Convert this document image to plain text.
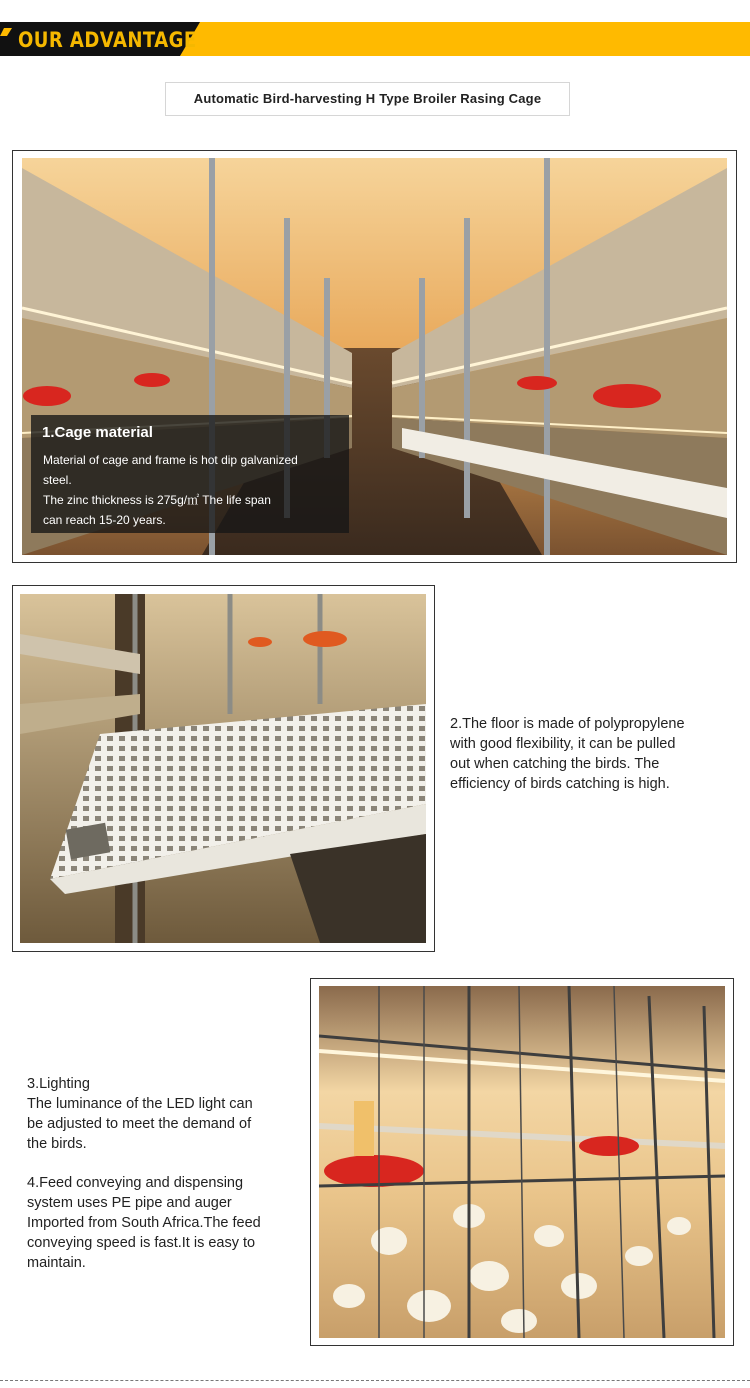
OUR ADVANTAGE
Automatic Bird-harvesting H Type Broiler Rasing Cage
1.Cage material
Material of cage and frame is hot dip galvanized
steel.
The zinc thickness is 275g/㎡ The life span
can reach 15-20 years.
2.The floor is made of polypropylene
with good flexibility, it can be pulled
out when catching the birds. The
efficiency of birds catching is high.
3.Lighting
The luminance of the LED light can
be adjusted to meet the demand of
the birds.
4.Feed conveying and dispensing
system uses PE pipe and auger
Imported from South Africa.The feed
conveying speed is fast.It is easy to
maintain.
